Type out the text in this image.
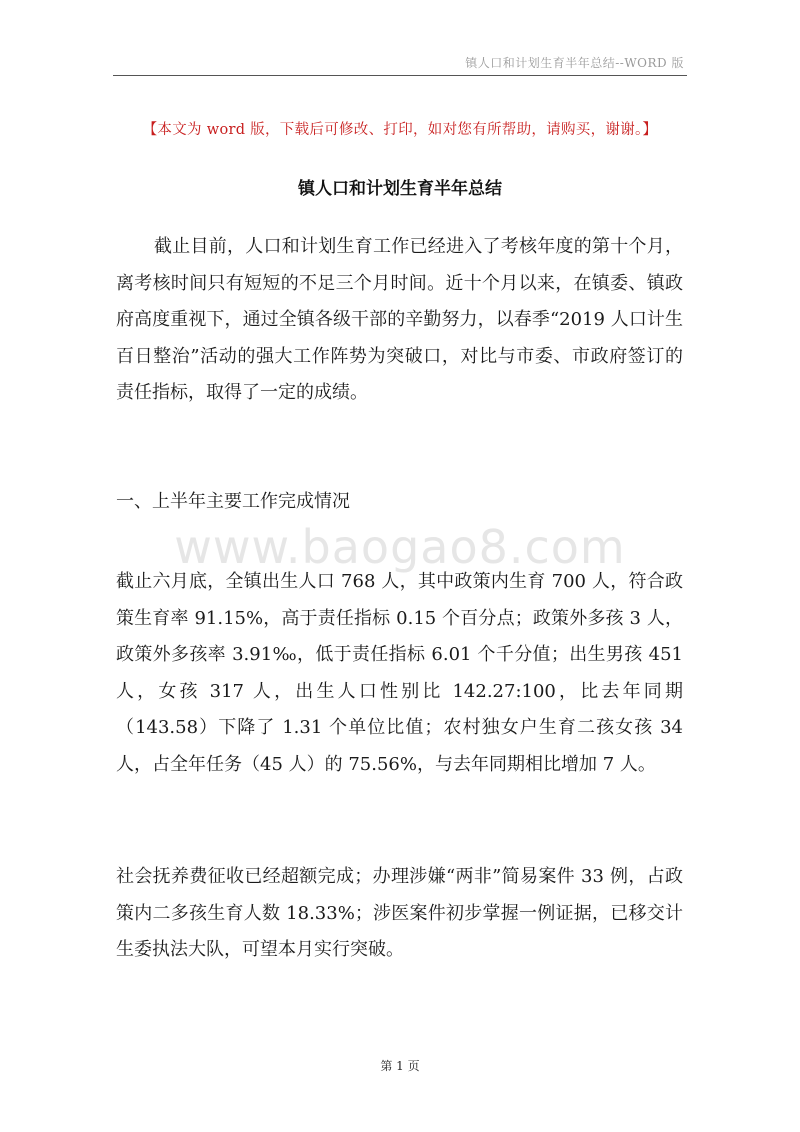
镇人口和计划生育半年总结--WORD 版
【本文为 word 版，下载后可修改、打印，如对您有所帮助，请购买，谢谢。】
镇人口和计划生育半年总结
截止目前，人口和计划生育工作已经进入了考核年度的第十个月，离考核时间只有短短的不足三个月时间。近十个月以来，在镇委、镇政府高度重视下，通过全镇各级干部的辛勤努力，以春季“2019 人口计生百日整治”活动的强大工作阵势为突破口，对比与市委、市政府签订的责任指标，取得了一定的成绩。
一、上半年主要工作完成情况
www.baogao8.com
截止六月底，全镇出生人口 768 人，其中政策内生育 700 人，符合政策生育率 91.15%，高于责任指标 0.15 个百分点；政策外多孩 3 人，政策外多孩率 3.91‰，低于责任指标 6.01 个千分值；出生男孩 451 人，女孩 317 人，出生人口性别比 142.27:100，比去年同期（143.58）下降了 1.31 个单位比值；农村独女户生育二孩女孩 34 人，占全年任务（45 人）的 75.56%，与去年同期相比增加 7 人。
社会抚养费征收已经超额完成；办理涉嫌“两非”简易案件 33 例，占政策内二多孩生育人数 18.33%；涉医案件初步掌握一例证据，已移交计生委执法大队，可望本月实行突破。
第 1 页
